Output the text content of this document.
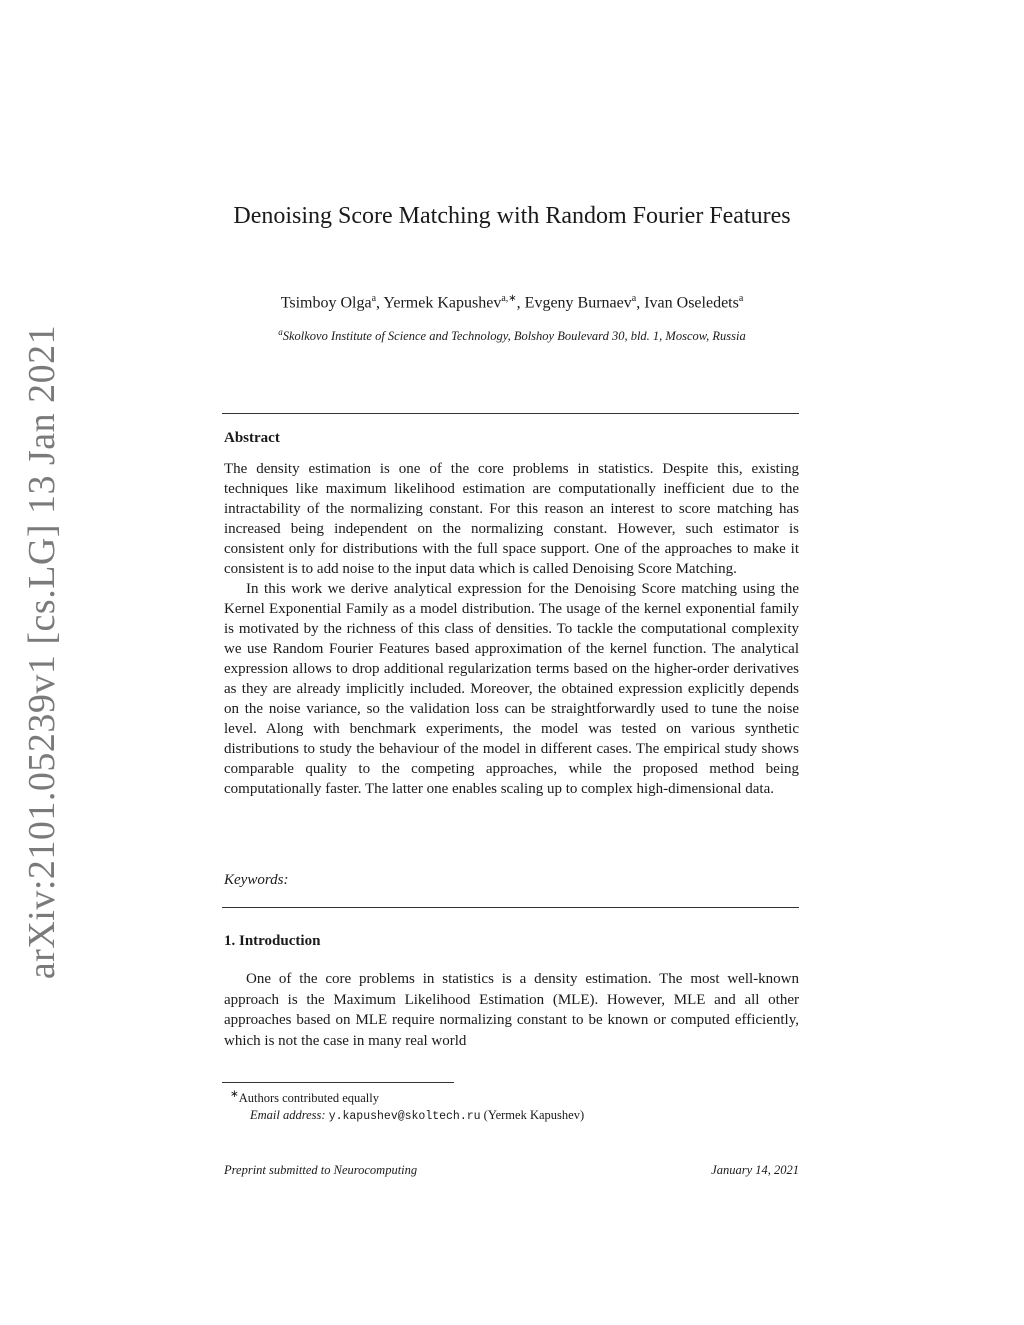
arXiv:2101.05239v1 [cs.LG] 13 Jan 2021
Denoising Score Matching with Random Fourier Features
Tsimboy Olga$^a$, Yermek Kapushev$^{a,∗}$, Evgeny Burnaev$^a$, Ivan Oseledets$^a$
$^a$Skolkovo Institute of Science and Technology, Bolshoy Boulevard 30, bld. 1, Moscow, Russia
Abstract

The density estimation is one of the core problems in statistics. Despite this, existing techniques like maximum likelihood estimation are computationally inefficient due to the intractability of the normalizing constant. For this reason an interest to score matching has increased being independent on the normalizing constant. However, such estimator is consistent only for distributions with the full space support. One of the approaches to make it consistent is to add noise to the input data which is called Denoising Score Matching.

In this work we derive analytical expression for the Denoising Score matching using the Kernel Exponential Family as a model distribution. The usage of the kernel exponential family is motivated by the richness of this class of densities. To tackle the computational complexity we use Random Fourier Features based approximation of the kernel function. The analytical expression allows to drop additional regularization terms based on the higher-order derivatives as they are already implicitly included. Moreover, the obtained expression explicitly depends on the noise variance, so the validation loss can be straightforwardly used to tune the noise level. Along with benchmark experiments, the model was tested on various synthetic distributions to study the behaviour of the model in different cases. The empirical study shows comparable quality to the competing approaches, while the proposed method being computationally faster. The latter one enables scaling up to complex high-dimensional data.

Keywords:
1. Introduction

One of the core problems in statistics is a density estimation. The most well-known approach is the Maximum Likelihood Estimation (MLE). However, MLE and all other approaches based on MLE require normalizing constant to be known or computed efficiently, which is not the case in many real world

∗Authors contributed equally
Email address: y.kapushev@skoltech.ru (Yermek Kapushev)
Preprint submitted to Neurocomputing	January 14, 2021
